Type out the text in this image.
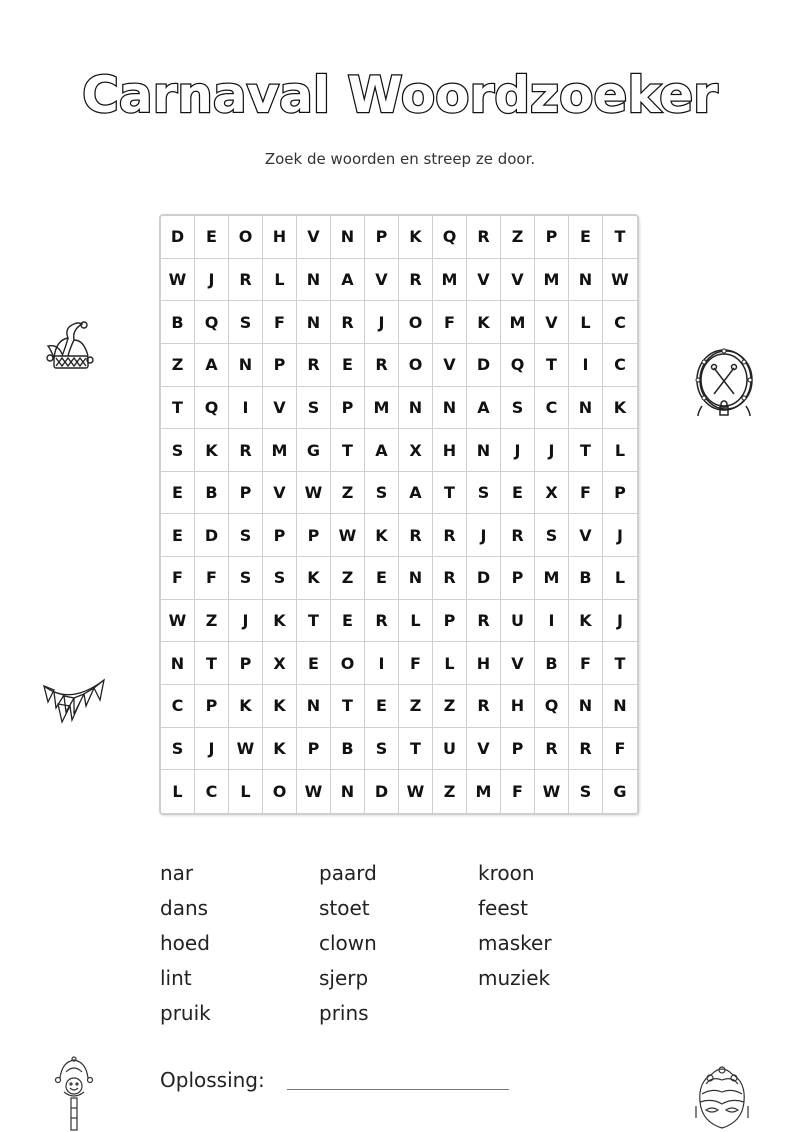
Carnaval Woordzoeker
Zoek de woorden en streep ze door.
D	E	O	H	V	N	P	K	Q	R	Z	P	E	T
W	J	R	L	N	A	V	R	M	V	V	M	N	W
B	Q	S	F	N	R	J	O	F	K	M	V	L	C
Z	A	N	P	R	E	R	O	V	D	Q	T	I	C
T	Q	I	V	S	P	M	N	N	A	S	C	N	K
S	K	R	M	G	T	A	X	H	N	J	J	T	L
E	B	P	V	W	Z	S	A	T	S	E	X	F	P
E	D	S	P	P	W	K	R	R	J	R	S	V	J
F	F	S	S	K	Z	E	N	R	D	P	M	B	L
W	Z	J	K	T	E	R	L	P	R	U	I	K	J
N	T	P	X	E	O	I	F	L	H	V	B	F	T
C	P	K	K	N	T	E	Z	Z	R	H	Q	N	N
S	J	W	K	P	B	S	T	U	V	P	R	R	F
L	C	L	O	W	N	D	W	Z	M	F	W	S	G
nar
dans
hoed
lint
pruik
paard
stoet
clown
sjerp
prins
kroon
feest
masker
muziek
Oplossing:
